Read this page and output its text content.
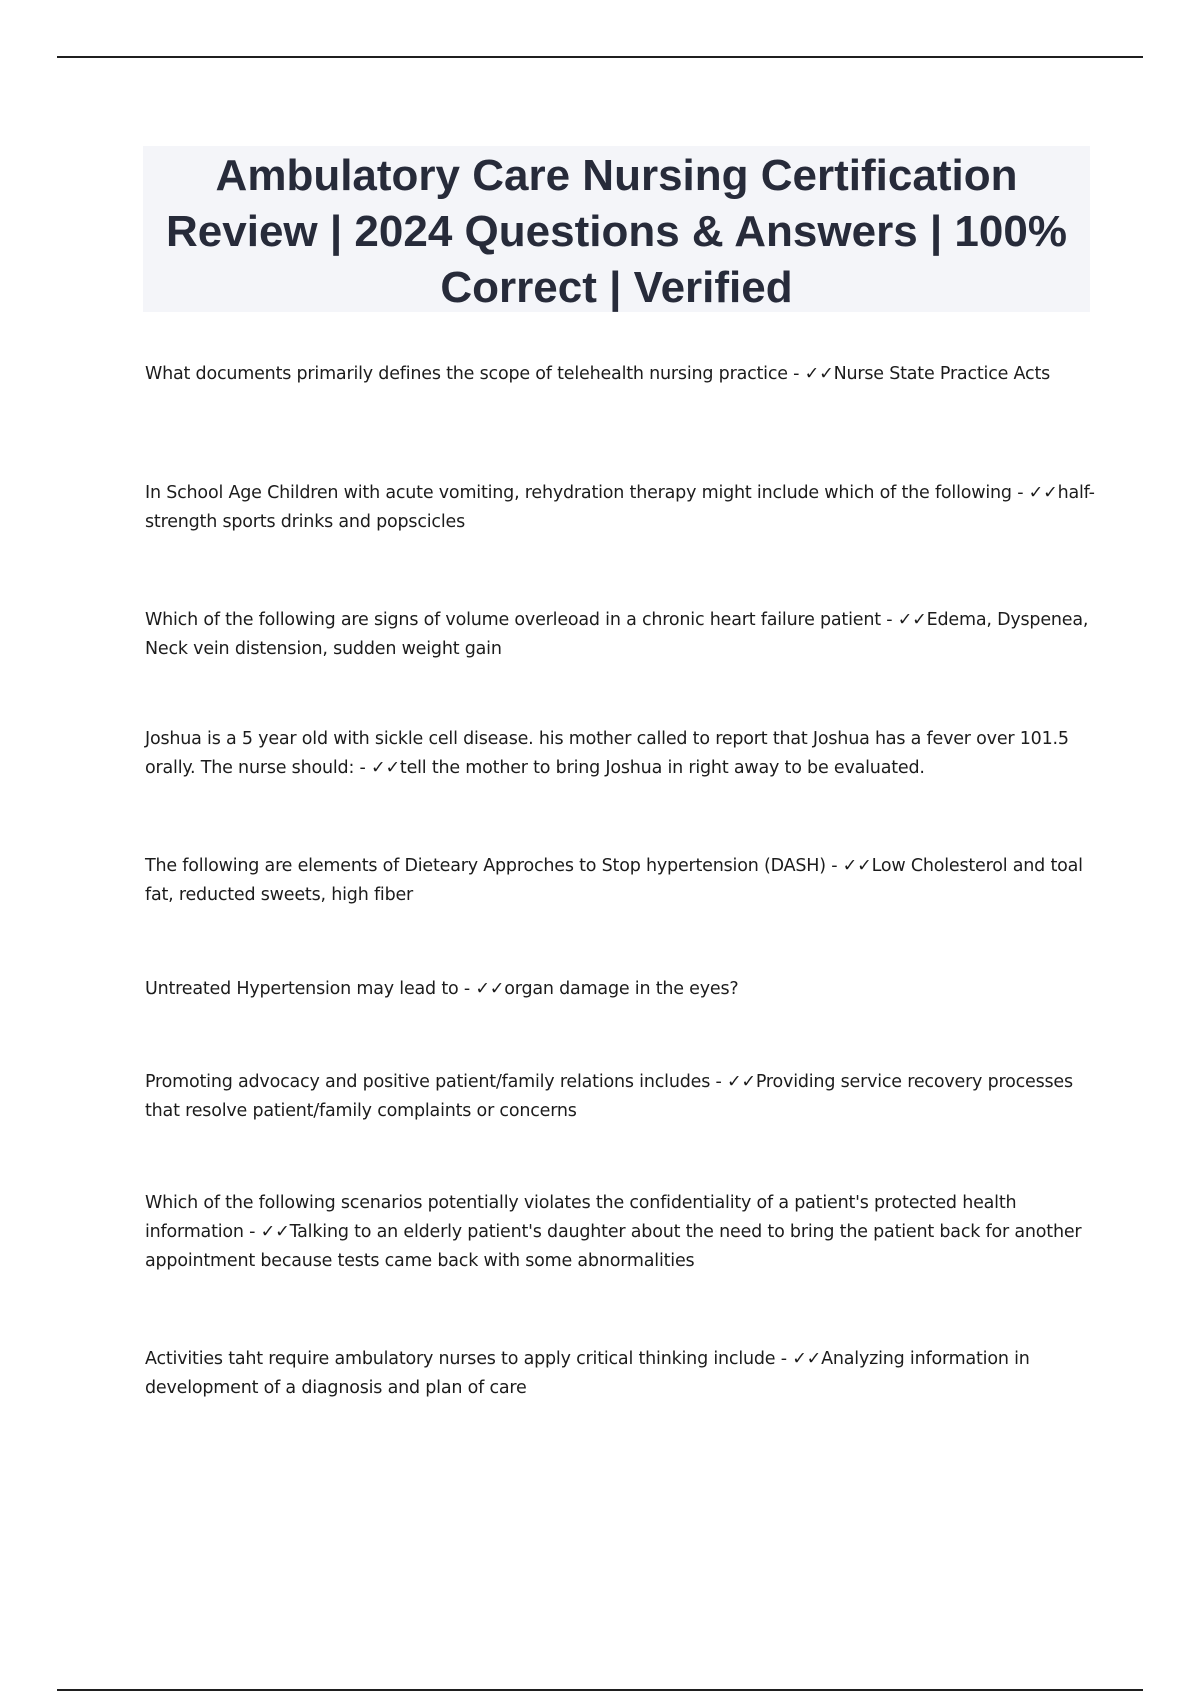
Ambulatory Care Nursing Certification Review | 2024 Questions & Answers | 100% Correct | Verified
What documents primarily defines the scope of telehealth nursing practice - ✓✓Nurse State Practice Acts
In School Age Children with acute vomiting, rehydration therapy might include which of the following - ✓✓half-strength sports drinks and popscicles
Which of the following are signs of volume overleoad in a chronic heart failure patient - ✓✓Edema, Dyspenea, Neck vein distension, sudden weight gain
Joshua is a 5 year old with sickle cell disease. his mother called to report that Joshua has a fever over 101.5 orally. The nurse should: - ✓✓tell the mother to bring Joshua in right away to be evaluated.
The following are elements of Dieteary Approches to Stop hypertension (DASH) - ✓✓Low Cholesterol and toal fat, reducted sweets, high fiber
Untreated Hypertension may lead to - ✓✓organ damage in the eyes?
Promoting advocacy and positive patient/family relations includes - ✓✓Providing service recovery processes that resolve patient/family complaints or concerns
Which of the following scenarios potentially violates the confidentiality of a patient's protected health information - ✓✓Talking to an elderly patient's daughter about the need to bring the patient back for another appointment because tests came back with some abnormalities
Activities taht require ambulatory nurses to apply critical thinking include - ✓✓Analyzing information in development of a diagnosis and plan of care
